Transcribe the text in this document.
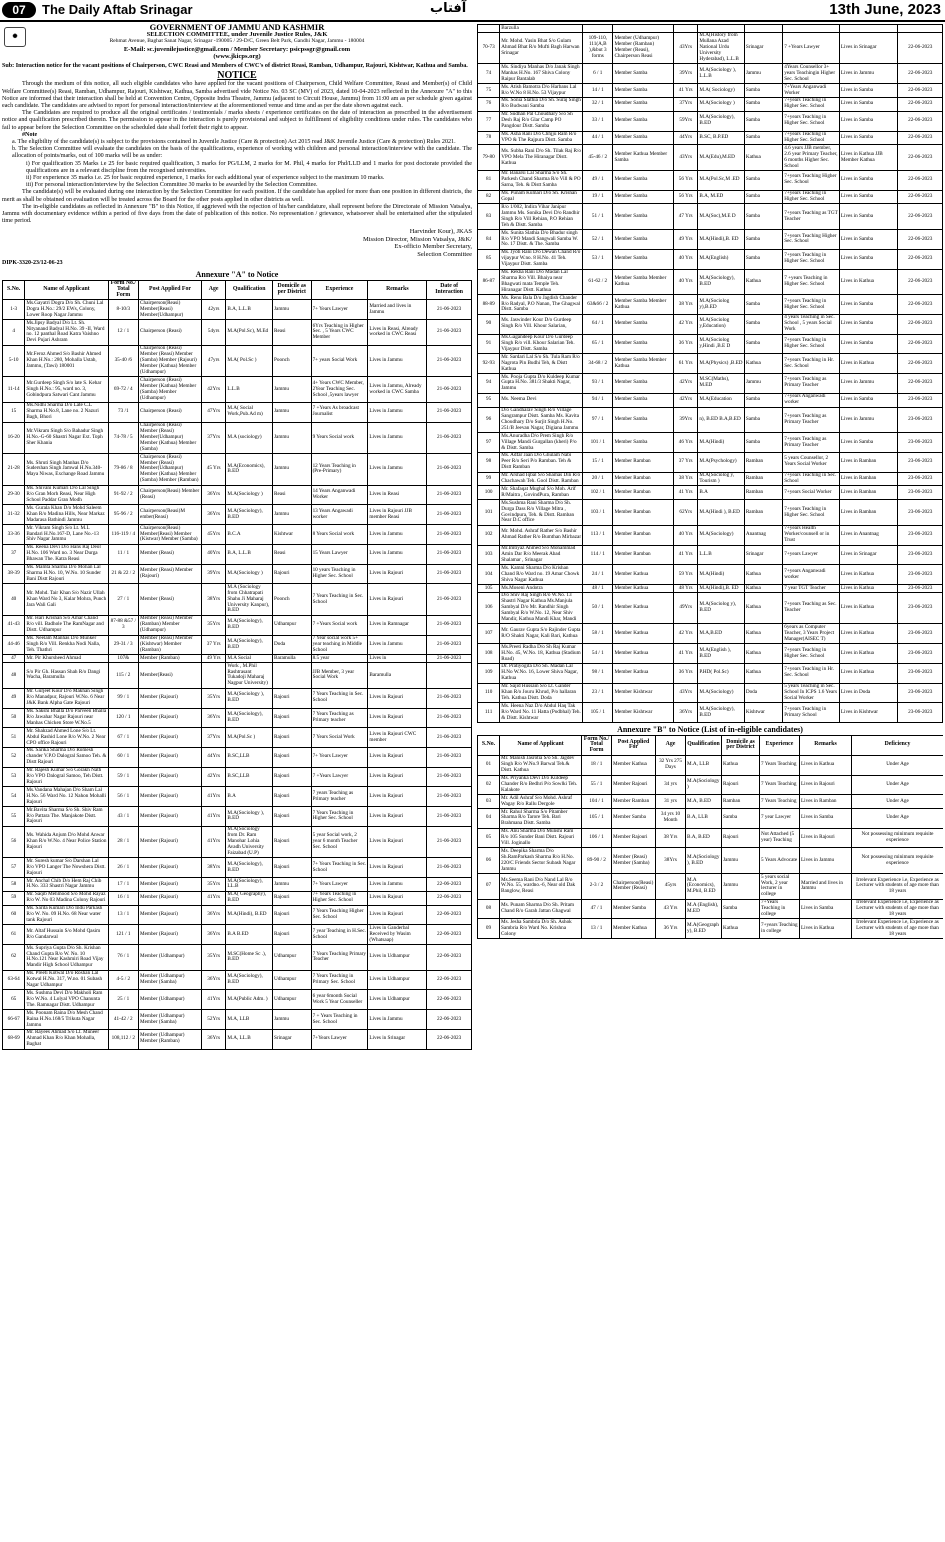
07	The Daily Aftab Srinagar	آفتاب	13th June, 2023
✺
GOVERNMENT OF JAMMU AND KASHMIR
SELECTION COMMITTEE, under Juvenile Justice Rules, J&K
Rehmat Avenue, Baghat Sanat Nagar, Srinagar -190005 / 29-D/C, Green Belt Park, Gandhi Nagar, Jammu - 180004
E-Mail: sc.juvenilejustice@gmail.com / Member Secretary: psicpssgr@gmail.com
(www.jkicps.org)
Sub: Interaction notice for the vacant positions of Chairperson, CWC Reasi and Members of CWC's of district Reasi, Ramban, Udhampur, Rajouri, Kishtwar, Kathua and Samba.
NOTICE
Through the medium of this notice, all such eligible candidates who have applied for the vacant positions of Chairperson, Child Welfare Committee, Reasi and Member(s) of Child Welfare Committee(s) Reasi, Ramban, Udhampur, Rajouri, Kishtwar, Kathua, Samba advertised vide Notice No. 03 SC (MV) of 2023, dated 10-04-2023 reflected in the Annexure "A" to this Notice are informed that their interaction shall be held at Convention Centre, Opposite Indra Theatre, Jammu (adjacent to Circuit House, Jammu) from 11:00 am as per schedule given against each candidate. The candidates are advised to report for personal interaction/interview at the aforementioned venue and time and as per the date shown against each.
The Candidates are required to produce all the original certificates / testimonials / marks sheets / experience certificates on the date of interaction as prescribed in the advertisement notice and qualification prescribed therein. The permission to appear in the interaction is purely provisional and subject to fulfillment of eligibility conditions under rules. The candidates who fail to appear before the Selection Committee on the scheduled date shall forfeit their right to appear.
#Note
a. The eligibility of the candidate(s) is subject to the provisions contained in Juvenile Justice (Care & protection) Act 2015 read J&K Juvenile Justice (Care & protection) Rules 2021.
b. The Selection Committee will evaluate the candidates on the basis of the qualifications, experience of working with children and personal interaction/interview with the candidate. The allocation of points/marks, out of 100 marks will be as under:
i) For qualification 35 Marks i.e 25 for basic required qualification, 3 marks for PG/LLM, 2 marks for M. Phil, 4 marks for Phd/LLD and 1 marks for post doctorate provided the qualifications are in a relevant discipline from the recognised universities.
ii) For experience 35 marks i.e. 25 for basic required experience, 1 marks for each additional year of experience subject to the maximum 10 marks.
iii) For personal interaction/interview by the Selection Committee 30 marks to be awarded by the Selection Committee.
The candidate(s) will be evaluated during one interaction by the Selection Committee for each position. If the candidate has applied for more than one position in different districts, the merit as shall be obtained on evaluation will be treated across the Board for the other posts applied in other districts as well.
The in-eligible candidates as reflected in Annexure "B" to this Notice, if aggrieved with the rejection of his/her candidature, shall represent before the Directorate of Mission Vatsalya, Jammu with documentary evidence within a period of five days from the date of publication of this notice. No representation / grievance, whatsoever shall be entertained after the stipulated time period.
Harvinder Kour), JKAS
Mission Director, Mission Vatsalya, J&K/
Ex-officio Member Secretary,
Selection Committee
DIPK-3320-23/12-06-23
Annexure "A" to Notice
S.No.	Name of Applicant	Form No./ Total Form	Post Applied For	Age	Qualification	Domicile as per District	Experience	Remarks	Date of Interaction
1-3	Ms.Gayatri Dogra D/o Sh. Chuni Lal Dogra H.No.: 29/2 EWs, Colony, Lower Roop Nagar Jammu	8-10/3	Chairperson(Reasi) Member(Reasi) Member(Udhampur)	42yrs	B.A, L.L.B	Jammu	7+ Years Lawyer	Married and lives in Jammu	21-06-2023
4	Ms.Jipsy Badyal D/o Lt. Sh. Nityanand Badyal H.No. 39 -II, Ward no. 12 panthal Road Katra Vaishno Devi Pujari Ashram	12 / 1	Chairperson (Reasi)	54yrs	M.A(Pol.Sc), M.Ed	Reasi	6Yrs Teaching in Higher Sec. , 5 Years CWC Member	Lives in Reasi, Already worked in CWC Reasi	21-06-2023
5-10	Mr.Feroz Ahmed S/o Bashir Ahmed Khan H.No.: 280, Mohalla Ustab, Jammu, (Tawi) 180001	35-40 /6	Chairperson (Reasi) Member (Reasi) Member (Samba) Member (Rajouri) Member (Kathua) Member (Udhampur)	47yrs	M.A( Pol.Sc )	Poonch	7+ years Social Work	Lives in Jammu	21-06-2023
11-14	Mr.Gurdeep Singh S/o late S. Kehar Singh H.No.: 95, ward no. 3, Gobindpura Satwari Cant Jammu	69-72 / 4	Chairperson (Reasi) Member (Kathua) Member (Samba) Member (Udhampur)	42Yrs	L.L.B	Jammu	4+ Years CWC Member, 2Year Teaching Sec. School ,5years lawyer	Lives in Jammu, Already worked in CWC Samba	21-06-2023
15	Ms.Nidhi Sharma D/o Late C.L Sharma H.No.8, Lane no. 2 Nazuri Bagh, Bhori	73 /1	Chairperson (Reasi)	47Yrs	M.A( Social Work,Pub.Ad m)	Jammu	7 +Years As broadcast Journalist	Lives in Jammu	21-06-2023
16-20	Mr.Vikram Singh S/o Bahadur Singh H.No.-G-60 Shastri Nagar Ext. Toph Sher Khania	74-78 / 5	Chairperson (Reasi) Member (Reasi) Member(Udhampur) Member (Kathua) Member (Samba)	37Yrs	M.A (sociology)	Jammu	9 Years Social work	Lives in Jammu	21-06-2023
21-28	Ms. Shruti Singh Manhas D/o Sudershan Singh Jamwal H.No.340- Maya Niwas, Exchange Road Jammu	79-86 / 8	Chairperson (Reasi) Member (Reasi) Member(Udhampur) Member (Kathua) Member (Samba) Member (Ramban)	45 Yrs	M.A(Economics), B.ED	Jammu	12 Years Teaching in (Pre-Primary)	Lives in Jammu	21-06-2023
29-30	Ms. Shivani Kumari D/o Lal Singh R/o Gran Morh Reasi, Near High School Paddar Gran Modh	91-92 / 2	Chairperson(Reasi) Member (Reasi)	36Yrs	M.A(Sociology )	Reasi	14 Years Anganwadi Worker	Lives in Reasi	21-06-2023
31-32	Ms. Gurala Khan D/o Mohd Saleem Khan R/o Madina Hills, Near Markaz Madarasa Bathindi Jammu	95-96 / 2	Chairperson(Reasi)M ember(Reasi)	36Yrs	M.A(Sociology), B.ED	Jammu	13 Years Angawadi worker	Lives in Rajouri JJB member Reasi	21-06-2023
33-36	Mr. Vikram Singh S/o Lt. M.L Bandari H.No.167-D, Lane No.-13 Shiv Nagar Jammu	116-119 / 4	Chairperson(Reasi) Member(Reasi) Member (Kistwar) Member (Samba)	45Yrs	B.C.A	Kishtwar	8 Years Social work	Lives in Jammu	21-06-2023
37	Ms. Reena Devi D/o Hans Raj Deol H.No. 106 Ward no. 3 Near Durga Bhawan The. Katra Reasi	11 / 1	Member (Reasi)	40Yrs	B.A, L.L.B	Reasi	15 Years Lawyer	Lives in Jammu	21-06-2023
38-39	Ms. Mamta Sharma D/o Mohan Lal Sharma H.No. 10, W.No. 10 Sunder Bani Distt Rajouri	21 & 22 / 2	Member (Reasi) Member (Rajouri)	39Yrs	M.A(Sociology )	Rajouri	10 years Teaching in Higher Sec. School	Lives in Rajouri	21-06-2023
40	Mr. Mohd. Tair Khan S/o Nazir Ullah Khan Ward No 3, Kalar Mohra, Punch Jara Wali Gali	27 / 1	Member (Reasi)	38Yrs	M.A (Sociology from Chhatrapati Shahu Ji Maharaj University Kanpur), B.ED	Poonch	7 Years Teaching in Sec. School	Lives in Rajouri	21-06-2023
41-43	Mr. Hari Krishan S/o Amar Chand R/o vill. Badhole The RamNagar and Distt. Udhampur	87-88 &57 / 3	Member (Reasi) Member (Ramban) Member (Udhampur)	35Yrs	M.A(Sociology), B.ED	Udhampur	7 +Years Social work	Lives in Ramnagar	21-06-2023
44-46	Ms. Neelam Manhas D/o Munker Singh R/o Vill. Renkha Nodi Nalla, Teh. Thathri	29-31 / 3	Member (Reasi) Member (Kishtwar) Member (Ramban)	37 Yrs	M.A(Sociology), B.ED	Doda	7 Year social work 5+ year teaching in Middle School	Lives in Jammu	21-06-2023
47	Mr. Pir Khursheed Ahmad	107&	Member (Ramban)	49 Yrs	M.A Social	Baramulla	8.5 year	Lives in	21-06-2023
48	S/o Pir Gh. Hassan Shah R/o Dangi Wacha, Baramulla	115 / 2	Member(Reasi)		Work , M.Phil Rashtrasant Tukadoji Maharaj Nagpur University)		JJB Member, 3 year Social Work	Baramulla	
49	Mr. Gurjeet Kour D/o Makhan Singh R/o Manadpur, Rajouri W.No. 6 Near J&K Bank Alpha Gate Rajouri	99 / 1	Member (Rajouri)	35Yrs	M.A(Sociology ), B.ED	Rajouri	7 Years Teaching in Sec. School	Lives in Rajouri	21-06-2023
50	Ms. Sakshi Bhalla D/o Parveen Bhalla R/o Jawahar Nagar Rajouri near Manhas Chicken Store W.No.5	120 / 1	Member (Rajouri)	36Yrs	M.A(Sociology), B.ED	Rajouri	7 Years Teaching as Primary teacher	Lives in Rajouri	21-06-2023
51	Mr. Shahzad Ahmed Lone S/o Lt. Abdul Rashid Lone R/o W.No. 2 Near CPO office Rajouri	67 / 1	Member (Rajouri)	37Yrs	M.A(Pol.Sc )	Rajouri	7 Years Social Work	Lives in Rajouri CWC member	21-06-2023
52	Ms. Sarika Sharma D/o Romesh chander V.P.O Dalogral Samoo Teh. & Distt Rajouri	60 / 1	Member (Rajouri)	44Yrs	B.SC,LLB	Rajouri	7+ Years Lawyer	Lives in Rajouri	21-06-2023
53	Mr. Rajesh Kumar S/o Gorakh Nath R/o VPO Dalogral Samoo, Teh Distt. Rajouri	59 / 1	Member (Rajouri)	42Yrs	B.SC,LLB	Rajouri	7 +Years Lawyer	Lives in Rajouri	21-06-2023
54	Ms.Vandana Mahajan D/o Sham Lal H.No. 56 Ward No. 12 Nahon Mohalli Rajouri	56 / 1	Member (Rajouri)	41Yrs	B.A	Rajouri	7 years Teaching as Primary teacher	Lives in Rajouri	21-06-2023
55	Mr.Bavita Sharma S/o Sh. Shiv Ram R/o Pattara The. Manjakote Distt. Rajouri	43 / 1	Member (Rajouri)	41Yrs	M.A(Sociology ), B.ED	Rajouri	7 Years Teaching in Higher Sec. School	Lives in Rajouri	21-06-2023
56	Ms. Wahida Anjum D/o Mohd Anwar Khan R/o W.No. 4 Near Police Station Rajouri	28 / 1	Member (Rajouri)	41Yrs	M.A(Sociology from Dr. Ram Manohar Lohia Avadh University Faizabad (U.P)	Rajouri	5 year Social work, 2 year 6 month Teacher Sec. School	Lives in Rajouri	21-06-2023
57	Mr. Suresh kumar S/o Darshan Lal R/o VPO Langer The Nowshera Distt. Rajouri	26 / 1	Member (Rajouri)	38Yrs	M.A(Sociology), B.ED	Rajouri	7+ Years Teaching in Sec. School	Lives in Rajouri	21-06-2023
58	Mr. Anchal Chib D/o Hem Raj Chib H.No. 333 Shastri Nagar Jammu	17 / 1	Member (Rajouri)	35Yrs	M.A(Sociology), LL.B	Jammu	7+ Years Lawyer	Lives in Jammu	22-06-2023
59	Mr. Saqib Mehmood S/o Mohd Rayaz R/o W. No 03 Madina Colony Rajouri	16 / 1	Member (Rajouri)	41Yrs	M.A( Geography), B.ED	Rajouri	7+ Years Teaching in Higher Sec. School	Lives in Rajouri	22-06-2023
60	Ms. Sarita Kumari D/o Indu Parkash R/o W. No. 09 H.No. 68 Near water tank Rajouri	13 / 1	Member (Rajouri)	36Yrs	M.A(Hindi), B.ED	Rajouri	7 Years Teaching Higher Sec. School	Lives in Rajouri	22-06-2023
61	Mr. Altaf Hussain S/o Mohd Qasim R/o Gandarwal	121 / 1	Member (Rajouri)	36Yrs	B.A B.ED	Rajouri	7 year Teaching in H.Sec. School	Lives in Ganderbal Received by Wasim (Whatsaap)	22-06-2023
62	Ms. Supriya Gupta D/o Sh. Krishan Chand Gupta R/o W. No. 10 H.No.121 Near Kashmiri Road Vijay Mandir High School Udhampur	76 / 1	Member (Udhampur)	35Yrs	M.SC(Home Sc .), B.ED	Udhampur	7 Years Teaching Primary Teacher	Lives in Udhampur	22-06-2023
63-64	Ms. Preeti Kotwal D/o Roshan Lal Kotwal H.No. 317, W.no. 01 Subash Nagar Udhampur	4-5 / 2	Member (Udhampur) Member (Samba)	36Yrs	M.A(Sociology), B.ED	Udhampur	7 Years Teaching in Primary Sec. School	Lives in Udhampur	22-06-2023
65	Ms. Sushma Devi D/o Makholi Ram R/o W.No. 4 Lolyal VPO Chanunta The. Ramnagar Distt. Udhampur	25 / 1	Member (Udhampur)	41Yrs	M.A(Public Adm. )	Udhampur	6 year 6month Social Work 5 Year Counseller	Lives in Udhampur	22-06-2023
66-67	Ms. Poonam Raina D/o Mesh Chand Raina H.No.168/5 Trikuta Nagar Jammu	41-42 / 2	Member (Udhampur) Member (Samba)	52Yrs	M.A, LLB	Jammu	7 + Years Teaching in Sec. School	Lives in Jammu	22-06-2023
68-69	Mr. Rayees Ahmad S/o Lt. Muneer Ahmad Khan R/o Khan Mohalla, Baghat	108,112 / 2	Member (Udhampur) Member (Ramban)	36Yrs	M.A, LL.B	Srinagar	7+Years Lawyer	Lives in Srinagar	22-06-2023
	Barzulla								
70-73	Mr. Mohd. Yasin Bhat S/o Gulam Ahmad Bhat R/o Mufti Bagh Harwan Srinagar	109-110, 111(A,B ),&but 3 forms	Member (Udhampur) Member (Ramban) Member (Reasi), Chairperson Reasi	43Yrs	M.A(History from Mullana Azad National Urdu University Hyderabad), L.L.B	Srinagar	7 +Years Lawyer	Lives in Srinagar	22-06-2023
74	Ms. Sindiya Manhas D/o Janak Singh Manhas H.No. 167 Shiva Colony Raipur Bantalab	6 / 1	Member Samba	39Yrs	M.A(Sociology ), L.L.B	Jammu	4Years Counsellor 3+ years Teachingin Higher Sec. School	Lives in Jammu	22-06-2023
75	Ms. Atish Bamotra D/o Harbans Lal R/o W.No 8 H.No. 53 Vijaypur	14 / 1	Member Samba	41 Yrs	M.A( Sociology)	Samba	7+Years Anganwadi Worker	Lives in Samba	22-06-2023
76	Ms. Sonia Slathia D/o Sh. Suraj Singh R/o Budwani Samba	32 / 1	Member Samba	37Yrs	M.A(Sociology )	Samba	7+years Teaching in Higher Sec. School	Lives in Samba	22-06-2023
77	Mr. Sudhan Pal Choudhary S/o Sh Desh Raj R/o Glar Camp PO Pangdour Distt. Samba	33 / 1	Member Samba	59Yrs	M.A(Sociology), B.ED	Samba	7+years Teaching in Higher Sec. School	Lives in Samba	22-06-2023
78	Ms. Asha Rani D/o Chhjju Ram R/o VPO & The Rajpura Distt. Samba	44 / 1	Member Samba	44Yrs	B.SC, B.P.ED	Samba	7+years Teaching in Higher Sec. School	Lives in Samba	22-06-2023
79-80	Ms. Subha Rani D/o Sh. Tilak Raj R/o VPO Mela The Hiranagar Distt. Kathua	45-46 / 2	Member Kathua Member Samba	43Yrs	M.A(Edu),M.ED	Kathua	4.6 years JJB member, 2.6 year Primary Teacher, 6 months Higher Sec. School	Lives in Kathua JJB Member Kathua	22-06-2023
81	Mr. Banarsi Lal Sharma S/o Sh. Parkesh Chand Sharma R/o Vill & PO Sarna, Teh. & Distt Samba	49 / 1	Member Samba	56 Yrs	M.A(Pol.Sc,M .ED	Samba	7+years Teaching Higher Sec. School	Lives in Samba	22-06-2023
82	Ms. Punam Kumari D/o Sh. Krishan Gopal	19 / 1	Member Samba	56 Yrs	B.A, M.ED	Samba	7+years Teaching in Higher Sec. School	Lives in Samba	22-06-2023
83	R/o 1/002, Indira Vihar Janipur Jammu Ms. Sonika Devi D/o Randhir Singh R/o Vill Rehian, P.O Rehian Teh & Distt. Samba	51 / 1	Member Samba	47 Yrs	M.A(Soc),M.E D	Samba	7+years Teaching as TGT Teacher	Lives in Samba	22-06-2023
84	Ms. Sunita Slathia D/o Bhadur singh R/o VPO Mandi Sangwali Samba W. No. 17 Distt. & The. Samba	52 / 1	Member Samba	49 Yrs	M.A(Hindi),B. ED	Samba	7+years Teaching Higher Sec. School	Lives in Samba	22-06-2023
85	Ms. Jyoti Rani D/o Dewan Chand R/o vijaypur W.no. 8 H.No. 41 Teh. Vijaypur Distt. Samba	53 / 1	Member Samba	40 Yrs	M.A(English)	Samba	7+years Teaching in Higher Sec. School	Lives in Samba	22-06-2023
86-87	Ms. Rekha Rani D/o Madan Lal Sharma R/o Vill. Bhaiya near Bhagwati mata Temple Teh. Hiranagar Distt. Kathua	61-62 / 2	Member Samba Member Kathua	40 Yrs	M.A(Sociology), B.ED	Kathua	7 +years Teaching in Higher Sec. School	Lives in Kathua	22-06-2023
88-89	Ms. Renu Bala D/o Jagdish Chander R/o Radyal, P.O Nanan, The Ghagwal Distt. Samba	63&66 / 2	Member Samba Member Kathua	38 Yrs	M.A(Sociolog y),B.ED	Samba	7+years Teaching in Higher Sec. School	Lives in Samba	22-06-2023
90	Ms. Jaswinder Kour D/o Gurdeep Singh R/o Vill. Khour Salarian,	64 / 1	Member Samba	42 Yrs	M.A(Sociolog y,Education)	Samba	4 years Teaching in Sec. School , 5 years Social Work	Lives in Samba	22-06-2023
91	Ms.Gagandeep Kour D/o Gurdeep Singh R/o vill. Khour Salarian Teh. Vijaypur Distt. Samba	65 / 1	Member Samba	36 Yrs	M.A(Sociolog y,Hindi ,B.E D	Samba	7+years Teaching in Higher Sec. School	Lives in Samba	22-06-2023
92-93	Mr. Sardari Lal S/o Sh. Tula Ram R/o Nagrota Pin Budhi Teh, & Distt Kathua	34-68 / 2	Member Samba Member Kathua	61 Yrs	M.A(Physics) ,B.ED	Kathua	7+years Teaching in Hr. Sec. School	Lives in Kathua	22-06-2023
94	Ms. Pooja Gupta D/o Kuldeep Kumar Gupta H.No. 381/3 Shakti Nagar, Jammu	93 / 1	Member Samba	42Yrs	M.SC(Maths), M.ED	Jammu	7+years Teaching as Primary Teacher	Lives in Jammu	22-06-2023
95	Ms. Neema Devi	94 / 1	Member Samba	42Yrs	M.A(Education	Samba	7+years Anganwadi worker	Lives in Samba	23-06-2023
96	D/o Gandharav Singh R/o Village Sangrampur Distt. Samba Ms. Kavita Choudhary D/o Surjit Singh H.No. 251/B Jeevan Nagar, Digiana Jammu	97 / 1	Member Samba	39Yrs	n), B.ED B.A,B.ED	Samba	7+years Teaching as Primary Teacher	Lives in Jammu	23-06-2023
97	Ms.Anuradha D/o Prem Singh R/o Village Mandi Gurgallan (kheri) P/o & Distt. Samba	101 / 1	Member Samba	46 Yrs	M.A(Hindi)	Samba	7+years Teaching as Primary Teacher	Lives in Samba	23-06-2023
98	Ms. Adfar Jaan D/o Ghulam Nabi Peer R/o Seri P/o Ramban. Teh & Distt Ramban	15 / 1	Member Ramban	37 Yrs	M.A(Psychology)	Ramban	5 years Counsellor, 2 Years Social Worker	Lives in Ramban	23-06-2023
99	Mr. Arshad Iqbal S/o Shamas Din R/o Chachawah Teh. Gool Distt. Ramban	20 / 1	Member Ramban	38 Yrs	M.A(Sociolog y, Tourism )	Ramban	7+years Teaching in Sec. School	Lives in Ramban	23-06-2023
100	Mr. Shafaqat Mughal S/o Moh. Arif R/Maitra , GovindPura, Ramban	102 / 1	Member Ramban	41 Yrs	B.A	Ramban	7+years Social Worker	Lives in Ramban	23-06-2023
101	Ms.Sushma Rani Sharma D/o Sh. Durga Dass R/o Village Mitra , Govindpura, Teh. & Distt. Ramban Near D.C office	103 / 1	Member Ramban	62Yrs	M.A(Hindi ), B.ED	Ramban	7+years Teaching in Higher Sec. School	Lives in Ramban	23-06-2023
102	Mr. Mohd. Ashraf Rather S/o Bashir Ahmad Rather R/o Bumthan Mirbazar	113 / 1	Member Ramban	40 Yrs	M.A(Sociology)	Anantnag	7+years Health Worker/counsell or in Trust	Lives in Anantnag	23-06-2023
103	Mr.Imtiyaz Ahmed S/o Mohammad Amin Dar R/o Meerak Abad Shalamar , Srinagar	114 / 1	Member Ramban	41 Yrs	L.L.B	Srinagar	7+years Lawyer	Lives in Srinagar	23-06-2023
104	Ms. Kamni Sharma D/o Krishan Chand R/o Ward no. 19 Amar Chowk Shiva Nagar Kathua	24 / 1	Member Kathua	59 Yrs	M.A(Hindi)	Kathua	7+years Anganwadi worker	Lives in Kathua	23-06-2023
105	Ms.Moseni Andotra	48 / 1	Member Kathua	48 Yrs	M.A(Hindi),B. ED	Kathua	7 year TGT Teacher	Lives in Kathua	23-06-2023
106	D/o Shiv Raj Singh R/o W.No. 13 Shastri Nagar Kathua Ms.Manjula Sambyal D/o Mr. Randhir Singh Sambyal R/o W.No. 12, Near Shiv Mandir, Kathua Mandi Khar, Mandi	50 / 1	Member Kathua	49Yrs	M.A(Sociolog y), B.ED	Kathua	7+years Teaching as Sec. Teacher	Lives in Kathua	23-06-2023
107	Mr. Gaurav Gupta S/o Rajinder Gupta R/O Shakti Nagar, Kali Bari, Kathua	58 / 1	Member Kathua	42 Yrs	M.A,B.ED	Kathua	6years as Computer Teacher, 3 Years Project Manager(AISEC T)	Lives in Kathua	23-06-2023
108	Ms.Preeti Radha D/o Sh Raj Kumar H.No. 45, W.No. 18, Kathua (Stadium Road)	54 / 1	Member Kathua	41 Yrs	M.A(English ), B.ED	Kathua	7+years Teaching in Higher Sec. School	Lives in Kathua	23-06-2023
109	Dr. Pratiyogita D/o Sh. Madan Lal H.No W.No. 16, Lower Shiva Nagar, Kathua	98 / 1	Member Kathua	36 Yrs	P.HD( Pol.Sc)	Kathua	7+years Teaching in Hr. Sec. School	Lives in Kathua	23-06-2023
110	Mr. Sajid Hussain S/o Lt. Gander Khan R/o Jouru Khrud, P/o hallaran Teh. Kathua Distt. Doda	23 / 1	Member Kishtwar	43Yrs	M.A(Sociology)	Doda	5 years Teaching in Sec. School In ICPS 1.6 Years Social Worker	Lives in Doda	23-06-2023
111	Ms. Heena Naz D/o Abdul Haq Tak R/o Ward No. 11 Hatta (Podbhal) Teh. & Distt. Kishtwar	105 / 1	Member Kishtwar	36Yrs	M.A(Sociology), B.ED	Kishtwar	7+years Teaching in Primary School	Lives in Kishtwar	23-06-2023
Annexure "B" to Notice (List of in-eligible candidates)
S.No.	Name of Applicant	Form No./ Total Form	Post Applied For	Age	Qualification	Domicile as per District	Experience	Remarks	Deficiency
01	Mr. Manish Jasrotia S/o Sh. Jagdev Singh R/o W.No.9 Barwal Teh.& Distt. Kathua	18 / 1	Member Kathua	32 Yrs 275 Days	M.A, LLB	Kathua	7 Years Teaching	Lives in Kathua	Under Age
02	Ms. Priyanka Devi D/o Kuldeep Chander R/o Bedhri P/o Sowlki Teh. Kalakote	55 / 1	Member Rajouri	34 yrs	M.A(Sociology)	Rajouri	7 Years Teaching	Lives in Rajouri	Under Age
03	Mr. Adil Ashraf S/o Mohd. Ashraf Wagay R/o Rallu Dergole	104 / 1	Member Ramban	31 yrs	M.A, B.ED	Ramban	7 Years Teaching	Lives in Ramban	Under Age
04	Mr. Rahul Sharma S/o Pitamber Sharma R/o Tarore Teh. Bari Brahmana Distt. Samba	105 / 1	Member Samba	34 yrs 10 Month	B.A, LLB	Samba	7 year Lawyer	Lives in Samba	Under Age
05	Ms. Anu Sharma D/o Munshi Ram R/o 105 Sunder Bani Distt. Rajouri Vill. Joginallo	106 / 1	Member Rajouri	38 Yrs	B.A, B.ED	Rajouri	Not Attached (5 year) Teaching	Lives in Rajouri	Not possessing minimum requisite experience
06	Ms. Deepika Sharma D/o Sh.RamParkash Sharma R/o H.No. 220/C Friends Sector Subash Nagar Jammu	89-90 / 2	Member (Reasi) Member (Samba)	38Yrs	M.A(Sociology), B.ED	Jammu	5 Years Advocate	Lives in Jammu	Not possessing minimum requisite experience
07	Ms.Seema Rani D/o Nand Lal R/o W.No. 55, wardno.-6, Near old Dak Banglow, Reasi	2-3 / 2	Chairperson(Reasi) Member (Reasi)	45yrs	M.A (Economics), M.Phil, B.ED	Jammu	5 years social Work, 2 year lecturer in college	Married and lives in Jammu	Irrelevant Experience i.e, Experience as Lecturer with students of age more than 18 years
08	Ms. Punam Sharma D/o Sh. Pritam Chand R/o Garah Jattan Ghagwal	47 / 1	Member Samba	43 Yrs	M.A (English), M.ED	Samba	7+Years Teaching in college	Lives in Samba	Irrelevant Experience i.e, Experience as Lecturer with students of age more than 18 years
09	Ms. Jesha Sambria D/o Sh. Ashok Sambria R/o Ward No. Krishna Colony	13 / 1	Member Kathua	36 Yrs	M.A(Geography), B.ED	Kathua	7+years Teaching in college	Lives in Kathua	Irrelevant Experience i.e, Experience as Lecturer with students of age more than 18 years
